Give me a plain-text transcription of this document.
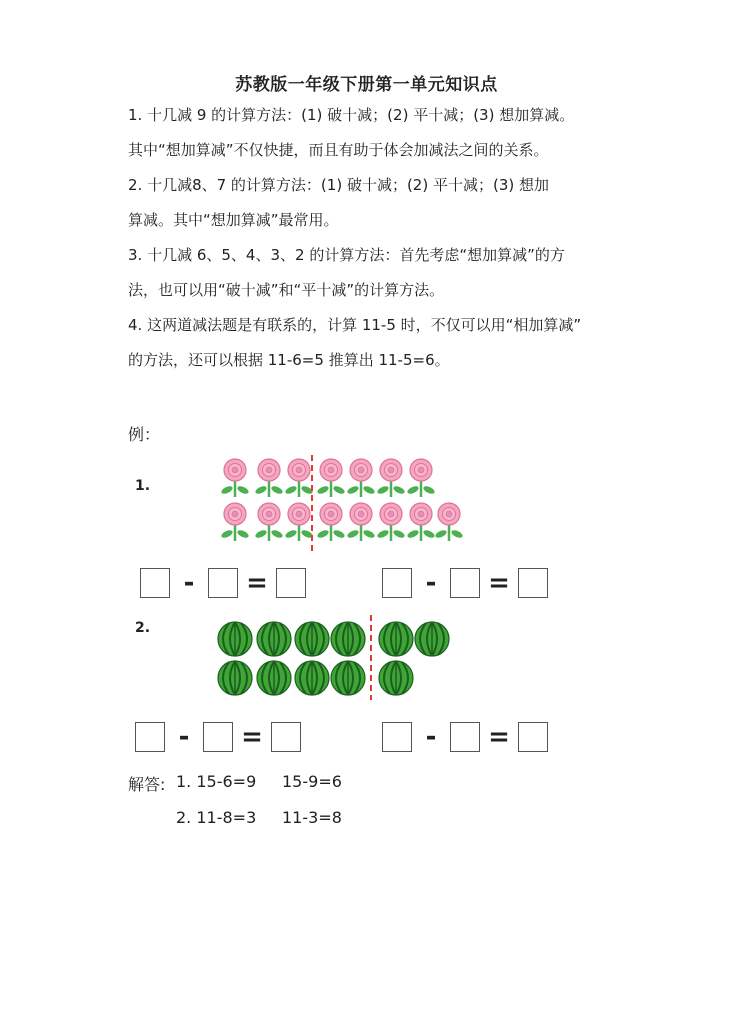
苏教版一年级下册第一单元知识点
1. 十几减 9 的计算方法：(1) 破十减；(2) 平十减；(3) 想加算减。
其中“想加算减”不仅快捷，而且有助于体会加减法之间的关系。
2. 十几减8、7 的计算方法：(1) 破十减；(2) 平十减；(3) 想加
算减。其中“想加算减”最常用。
3. 十几减 6、5、4、3、2 的计算方法：首先考虑“想加算减”的方
法，也可以用“破十减”和“平十减”的计算方法。
4. 这两道减法题是有联系的，计算 11-5 时，不仅可以用“相加算减”
的方法，还可以根据 11-6=5 推算出 11-5=6。
例：
1.
-	=	-	=
2.
-	=	-	=
解答: 1. 15-6=9 15-9=6
2. 11-8=3 11-3=8
